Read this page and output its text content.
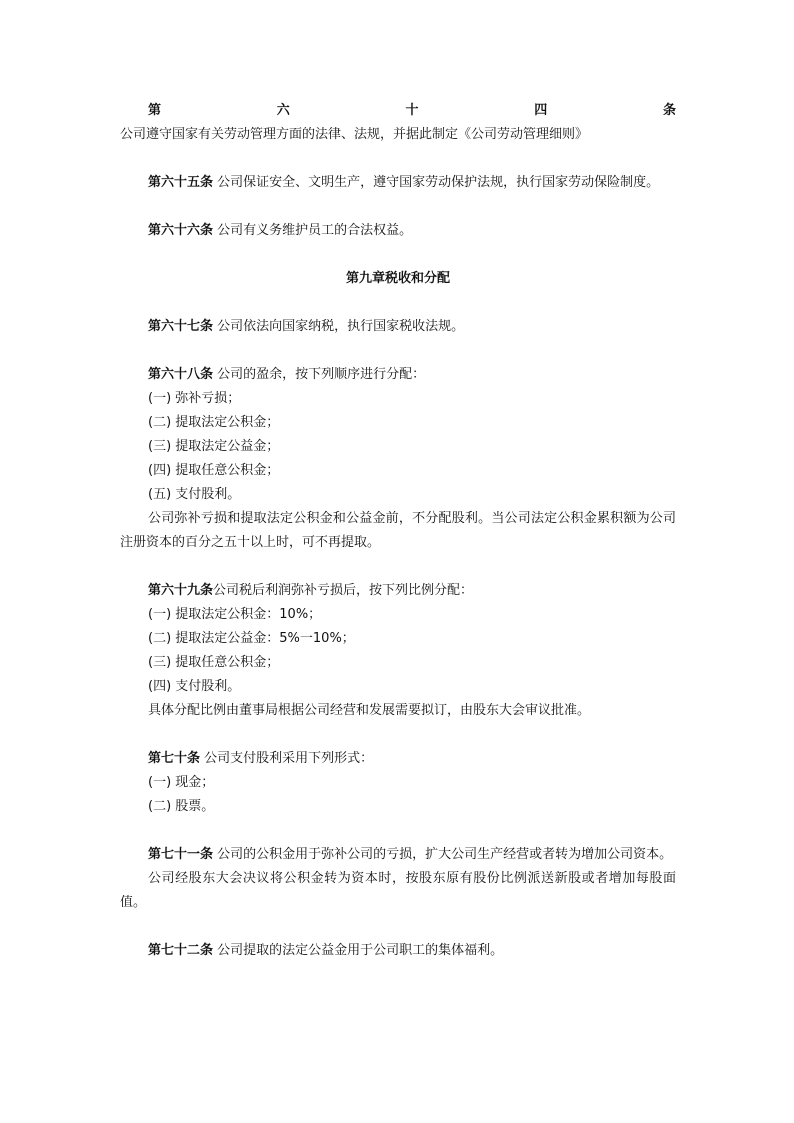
第六十四条公司遵守国家有关劳动管理方面的法律、法规，并据此制定《公司劳动管理细则》

第六十五条 公司保证安全、文明生产，遵守国家劳动保护法规，执行国家劳动保险制度。

第六十六条 公司有义务维护员工的合法权益。

第九章税收和分配

第六十七条 公司依法向国家纳税，执行国家税收法规。

第六十八条 公司的盈余，按下列顺序进行分配：

(一) 弥补亏损；

(二) 提取法定公积金；

(三) 提取法定公益金；

(四) 提取任意公积金；

(五) 支付股利。

公司弥补亏损和提取法定公积金和公益金前，不分配股利。当公司法定公积金累积额为公司注册资本的百分之五十以上时，可不再提取。

第六十九条公司税后利润弥补亏损后，按下列比例分配：

(一) 提取法定公积金：10%；

(二) 提取法定公益金：5%一10%；

(三) 提取任意公积金；

(四) 支付股利。

具体分配比例由董事局根据公司经营和发展需要拟订，由股东大会审议批准。

第七十条 公司支付股利采用下列形式：

(一) 现金；

(二) 股票。

第七十一条 公司的公积金用于弥补公司的亏损，扩大公司生产经营或者转为增加公司资本。

公司经股东大会决议将公积金转为资本时，按股东原有股份比例派送新股或者增加每股面值。

第七十二条 公司提取的法定公益金用于公司职工的集体福利。
